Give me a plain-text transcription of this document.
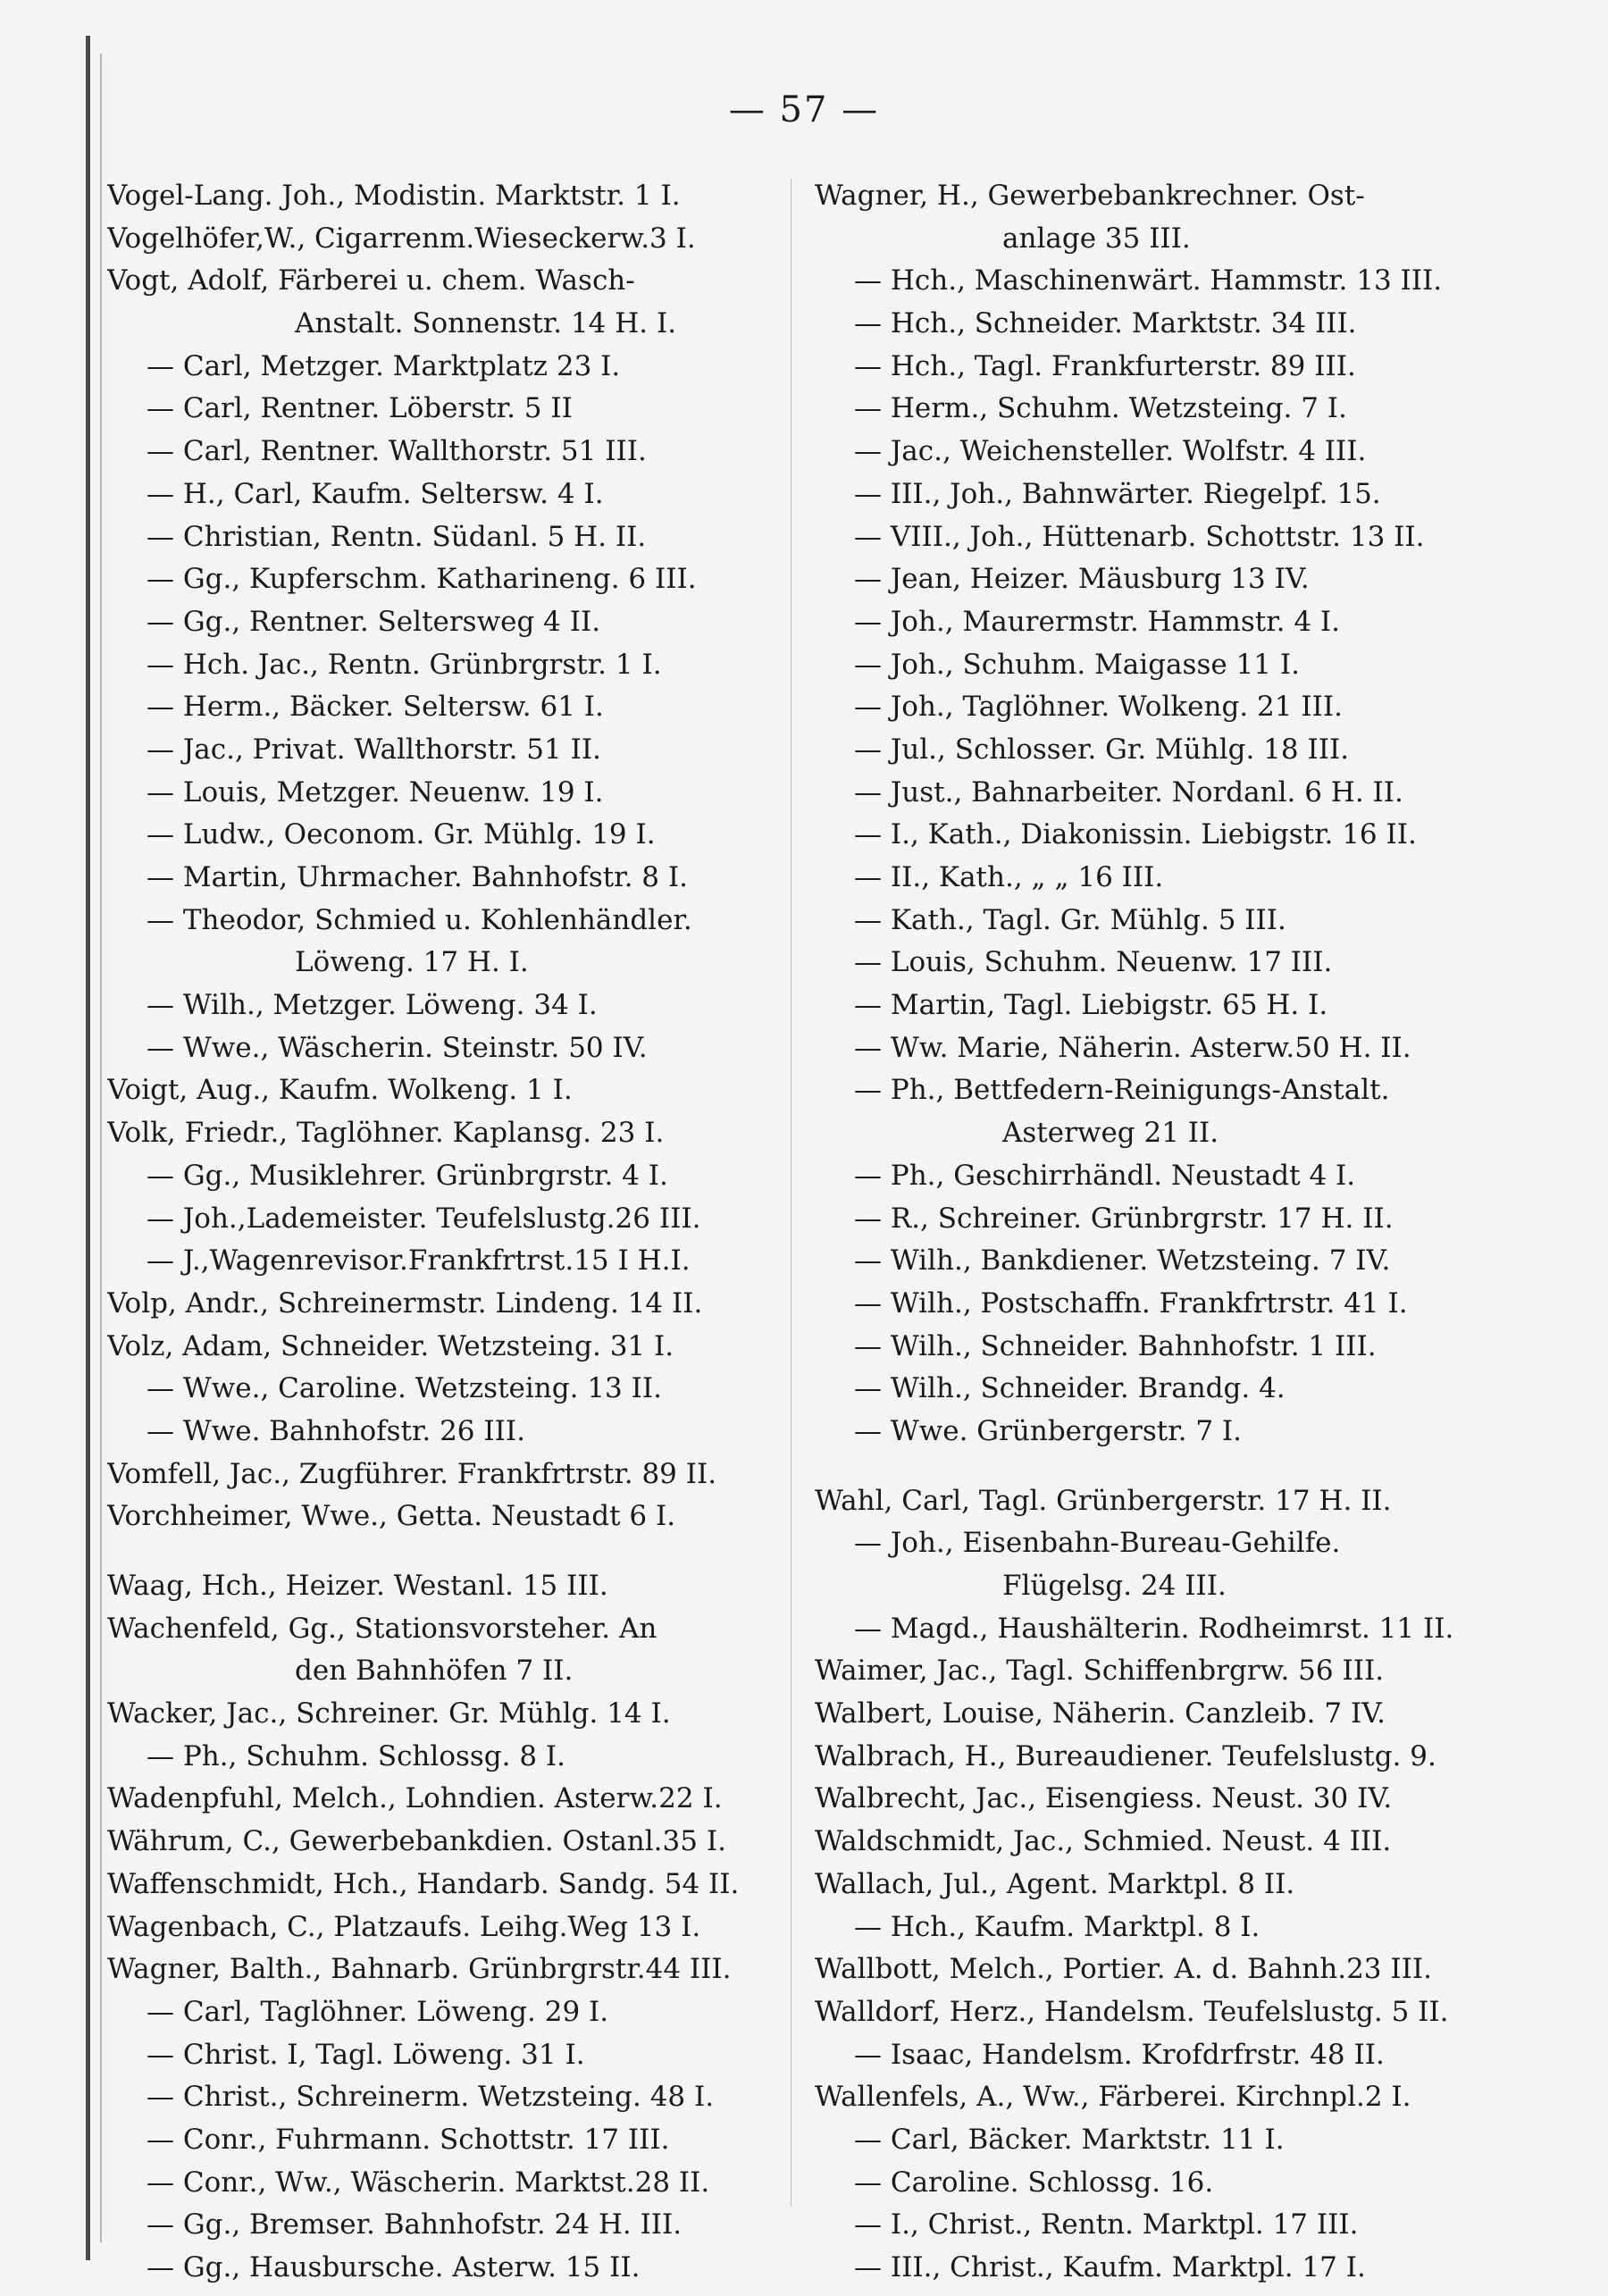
— 57 —
Vogel-Lang. Joh., Modistin. Marktstr. 1 I.
Vogelhöfer,W., Cigarrenm.Wieseckerw.3 I.
Vogt, Adolf, Färberei u. chem. Wasch-
Anstalt. Sonnenstr. 14 H. I.
— Carl, Metzger. Marktplatz 23 I.
— Carl, Rentner. Löberstr. 5 II
— Carl, Rentner. Wallthorstr. 51 III.
— H., Carl, Kaufm. Seltersw. 4 I.
— Christian, Rentn. Südanl. 5 H. II.
— Gg., Kupferschm. Katharineng. 6 III.
— Gg., Rentner. Seltersweg 4 II.
— Hch. Jac., Rentn. Grünbrgrstr. 1 I.
— Herm., Bäcker. Seltersw. 61 I.
— Jac., Privat. Wallthorstr. 51 II.
— Louis, Metzger. Neuenw. 19 I.
— Ludw., Oeconom. Gr. Mühlg. 19 I.
— Martin, Uhrmacher. Bahnhofstr. 8 I.
— Theodor, Schmied u. Kohlenhändler.
Löweng. 17 H. I.
— Wilh., Metzger. Löweng. 34 I.
— Wwe., Wäscherin. Steinstr. 50 IV.
Voigt, Aug., Kaufm. Wolkeng. 1 I.
Volk, Friedr., Taglöhner. Kaplansg. 23 I.
— Gg., Musiklehrer. Grünbrgrstr. 4 I.
— Joh.,Lademeister. Teufelslustg.26 III.
— J.,Wagenrevisor.Frankfrtrst.15 I H.I.
Volp, Andr., Schreinermstr. Lindeng. 14 II.
Volz, Adam, Schneider. Wetzsteing. 31 I.
— Wwe., Caroline. Wetzsteing. 13 II.
— Wwe. Bahnhofstr. 26 III.
Vomfell, Jac., Zugführer. Frankfrtrstr. 89 II.
Vorchheimer, Wwe., Getta. Neustadt 6 I.
Waag, Hch., Heizer. Westanl. 15 III.
Wachenfeld, Gg., Stationsvorsteher. An
den Bahnhöfen 7 II.
Wacker, Jac., Schreiner. Gr. Mühlg. 14 I.
— Ph., Schuhm. Schlossg. 8 I.
Wadenpfuhl, Melch., Lohndien. Asterw.22 I.
Währum, C., Gewerbebankdien. Ostanl.35 I.
Waffenschmidt, Hch., Handarb. Sandg. 54 II.
Wagenbach, C., Platzaufs. Leihg.Weg 13 I.
Wagner, Balth., Bahnarb. Grünbrgrstr.44 III.
— Carl, Taglöhner. Löweng. 29 I.
— Christ. I, Tagl. Löweng. 31 I.
— Christ., Schreinerm. Wetzsteing. 48 I.
— Conr., Fuhrmann. Schottstr. 17 III.
— Conr., Ww., Wäscherin. Marktst.28 II.
— Gg., Bremser. Bahnhofstr. 24 H. III.
— Gg., Hausbursche. Asterw. 15 II.
Wagner, H., Gewerbebankrechner. Ost-
anlage 35 III.
— Hch., Maschinenwärt. Hammstr. 13 III.
— Hch., Schneider. Marktstr. 34 III.
— Hch., Tagl. Frankfurterstr. 89 III.
— Herm., Schuhm. Wetzsteing. 7 I.
— Jac., Weichensteller. Wolfstr. 4 III.
— III., Joh., Bahnwärter. Riegelpf. 15.
— VIII., Joh., Hüttenarb. Schottstr. 13 II.
— Jean, Heizer. Mäusburg 13 IV.
— Joh., Maurermstr. Hammstr. 4 I.
— Joh., Schuhm. Maigasse 11 I.
— Joh., Taglöhner. Wolkeng. 21 III.
— Jul., Schlosser. Gr. Mühlg. 18 III.
— Just., Bahnarbeiter. Nordanl. 6 H. II.
— I., Kath., Diakonissin. Liebigstr. 16 II.
— II., Kath., „ „ 16 III.
— Kath., Tagl. Gr. Mühlg. 5 III.
— Louis, Schuhm. Neuenw. 17 III.
— Martin, Tagl. Liebigstr. 65 H. I.
— Ww. Marie, Näherin. Asterw.50 H. II.
— Ph., Bettfedern-Reinigungs-Anstalt.
Asterweg 21 II.
— Ph., Geschirrhändl. Neustadt 4 I.
— R., Schreiner. Grünbrgrstr. 17 H. II.
— Wilh., Bankdiener. Wetzsteing. 7 IV.
— Wilh., Postschaffn. Frankfrtrstr. 41 I.
— Wilh., Schneider. Bahnhofstr. 1 III.
— Wilh., Schneider. Brandg. 4.
— Wwe. Grünbergerstr. 7 I.
Wahl, Carl, Tagl. Grünbergerstr. 17 H. II.
— Joh., Eisenbahn-Bureau-Gehilfe.
Flügelsg. 24 III.
— Magd., Haushälterin. Rodheimrst. 11 II.
Waimer, Jac., Tagl. Schiffenbrgrw. 56 III.
Walbert, Louise, Näherin. Canzleib. 7 IV.
Walbrach, H., Bureaudiener. Teufelslustg. 9.
Walbrecht, Jac., Eisengiess. Neust. 30 IV.
Waldschmidt, Jac., Schmied. Neust. 4 III.
Wallach, Jul., Agent. Marktpl. 8 II.
— Hch., Kaufm. Marktpl. 8 I.
Wallbott, Melch., Portier. A. d. Bahnh.23 III.
Walldorf, Herz., Handelsm. Teufelslustg. 5 II.
— Isaac, Handelsm. Krofdrfrstr. 48 II.
Wallenfels, A., Ww., Färberei. Kirchnpl.2 I.
— Carl, Bäcker. Marktstr. 11 I.
— Caroline. Schlossg. 16.
— I., Christ., Rentn. Marktpl. 17 III.
— III., Christ., Kaufm. Marktpl. 17 I.
